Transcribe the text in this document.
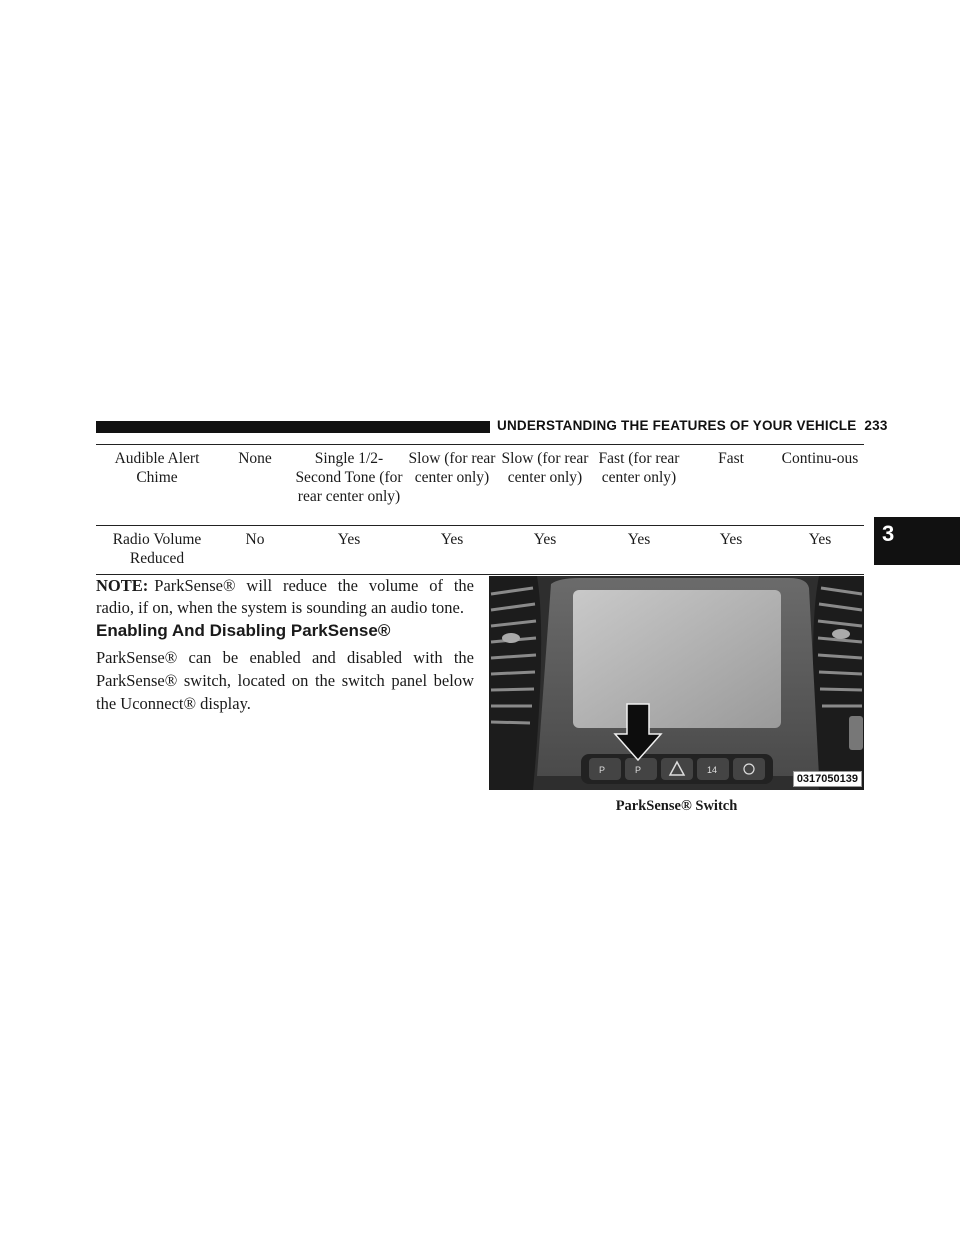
UNDERSTANDING THE FEATURES OF YOUR VEHICLE 233
3
Audible Alert Chime	None	Single 1/2-Second Tone (for rear center only)	Slow (for rear center only)	Slow (for rear center only)	Fast (for rear center only)	Fast	Continu-ous
Radio Volume Reduced	No	Yes	Yes	Yes	Yes	Yes	Yes

NOTE: ParkSense® will reduce the volume of the radio, if on, when the system is sounding an audio tone.

Enabling And Disabling ParkSense®

ParkSense® can be enabled and disabled with the ParkSense® switch, located on the switch panel below the Uconnect® display.

P	P	14
0317050139
ParkSense® Switch
